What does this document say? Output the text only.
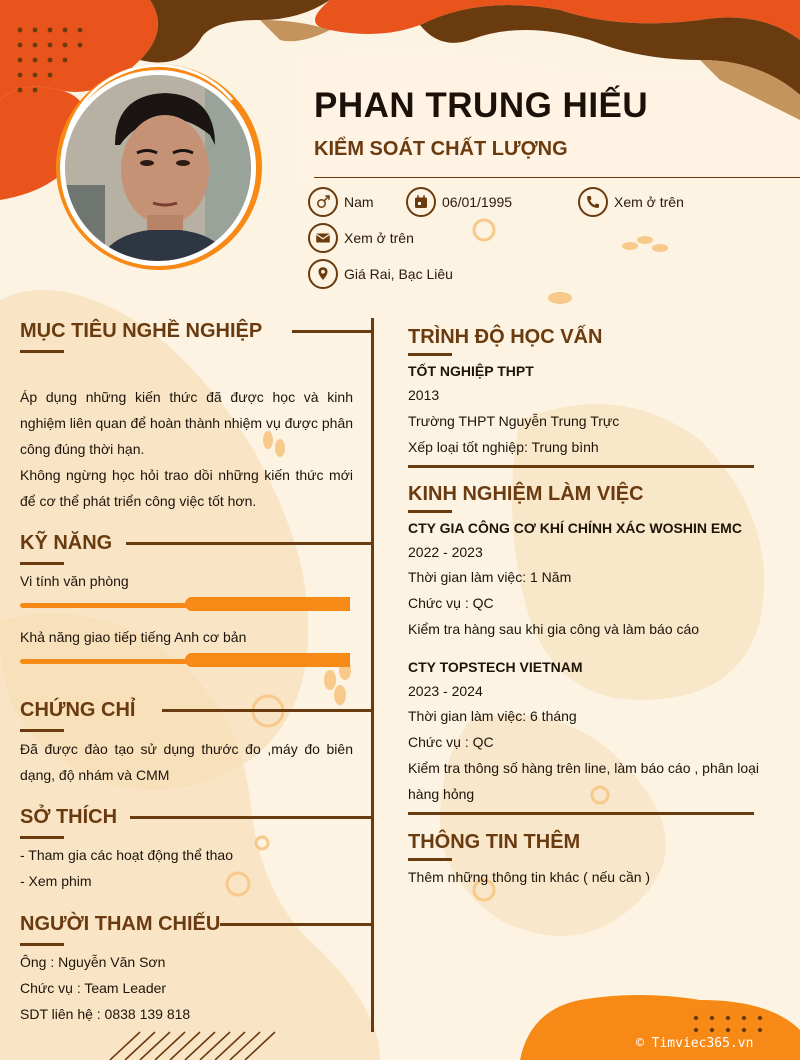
PHAN TRUNG HIẾU
KIỂM SOÁT CHẤT LƯỢNG
Nam	06/01/1995	Xem ở trên
Xem ở trên
Giá Rai, Bạc Liêu
MỤC TIÊU NGHỀ NGHIỆP
Áp dụng những kiến thức đã được học và kinh nghiệm liên quan để hoàn thành nhiệm vụ được phân công đúng thời hạn.
Không ngừng học hỏi trao dồi những kiến thức mới để cơ thể phát triển công việc tốt hơn.
KỸ NĂNG
Vi tính văn phòng
Khả năng giao tiếp tiếng Anh cơ bản
CHỨNG CHỈ
Đã được đào tạo sử dụng thước đo ,máy đo biên dạng, độ nhám và CMM
SỞ THÍCH
- Tham gia các hoạt động thể thao
- Xem phim
NGƯỜI THAM CHIẾU
Ông : Nguyễn Văn Sơn
Chức vụ : Team Leader
SDT liên hệ : 0838 139 818
TRÌNH ĐỘ HỌC VẤN
TỐT NGHIỆP THPT
2013
Trường THPT Nguyễn Trung Trực
Xếp loại tốt nghiệp: Trung bình
KINH NGHIỆM LÀM VIỆC
CTY GIA CÔNG CƠ KHÍ CHÍNH XÁC WOSHIN EMC
2022 - 2023
Thời gian làm việc: 1 Năm
Chức vụ : QC
Kiểm tra hàng sau khi gia công và làm báo cáo
CTY TOPSTECH VIETNAM
2023 - 2024
Thời gian làm việc: 6 tháng
Chức vụ : QC
Kiểm tra thông số hàng trên line, làm báo cáo , phân loại hàng hỏng
THÔNG TIN THÊM
Thêm những thông tin khác ( nếu cần )
© Timviec365.vn
